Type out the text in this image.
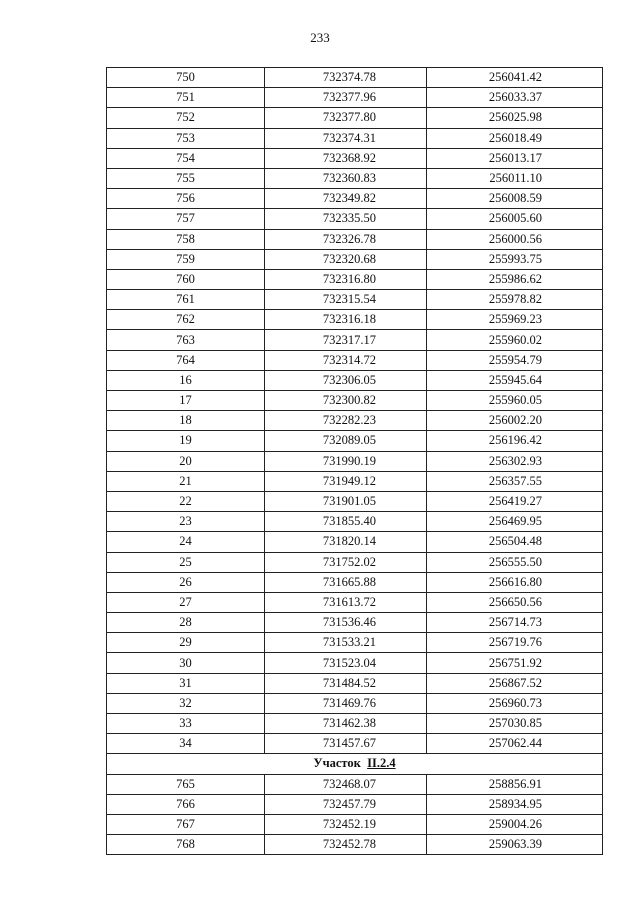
233
750	732374.78	256041.42
751	732377.96	256033.37
752	732377.80	256025.98
753	732374.31	256018.49
754	732368.92	256013.17
755	732360.83	256011.10
756	732349.82	256008.59
757	732335.50	256005.60
758	732326.78	256000.56
759	732320.68	255993.75
760	732316.80	255986.62
761	732315.54	255978.82
762	732316.18	255969.23
763	732317.17	255960.02
764	732314.72	255954.79
16	732306.05	255945.64
17	732300.82	255960.05
18	732282.23	256002.20
19	732089.05	256196.42
20	731990.19	256302.93
21	731949.12	256357.55
22	731901.05	256419.27
23	731855.40	256469.95
24	731820.14	256504.48
25	731752.02	256555.50
26	731665.88	256616.80
27	731613.72	256650.56
28	731536.46	256714.73
29	731533.21	256719.76
30	731523.04	256751.92
31	731484.52	256867.52
32	731469.76	256960.73
33	731462.38	257030.85
34	731457.67	257062.44
Участок II.2.4		
765	732468.07	258856.91
766	732457.79	258934.95
767	732452.19	259004.26
768	732452.78	259063.39
